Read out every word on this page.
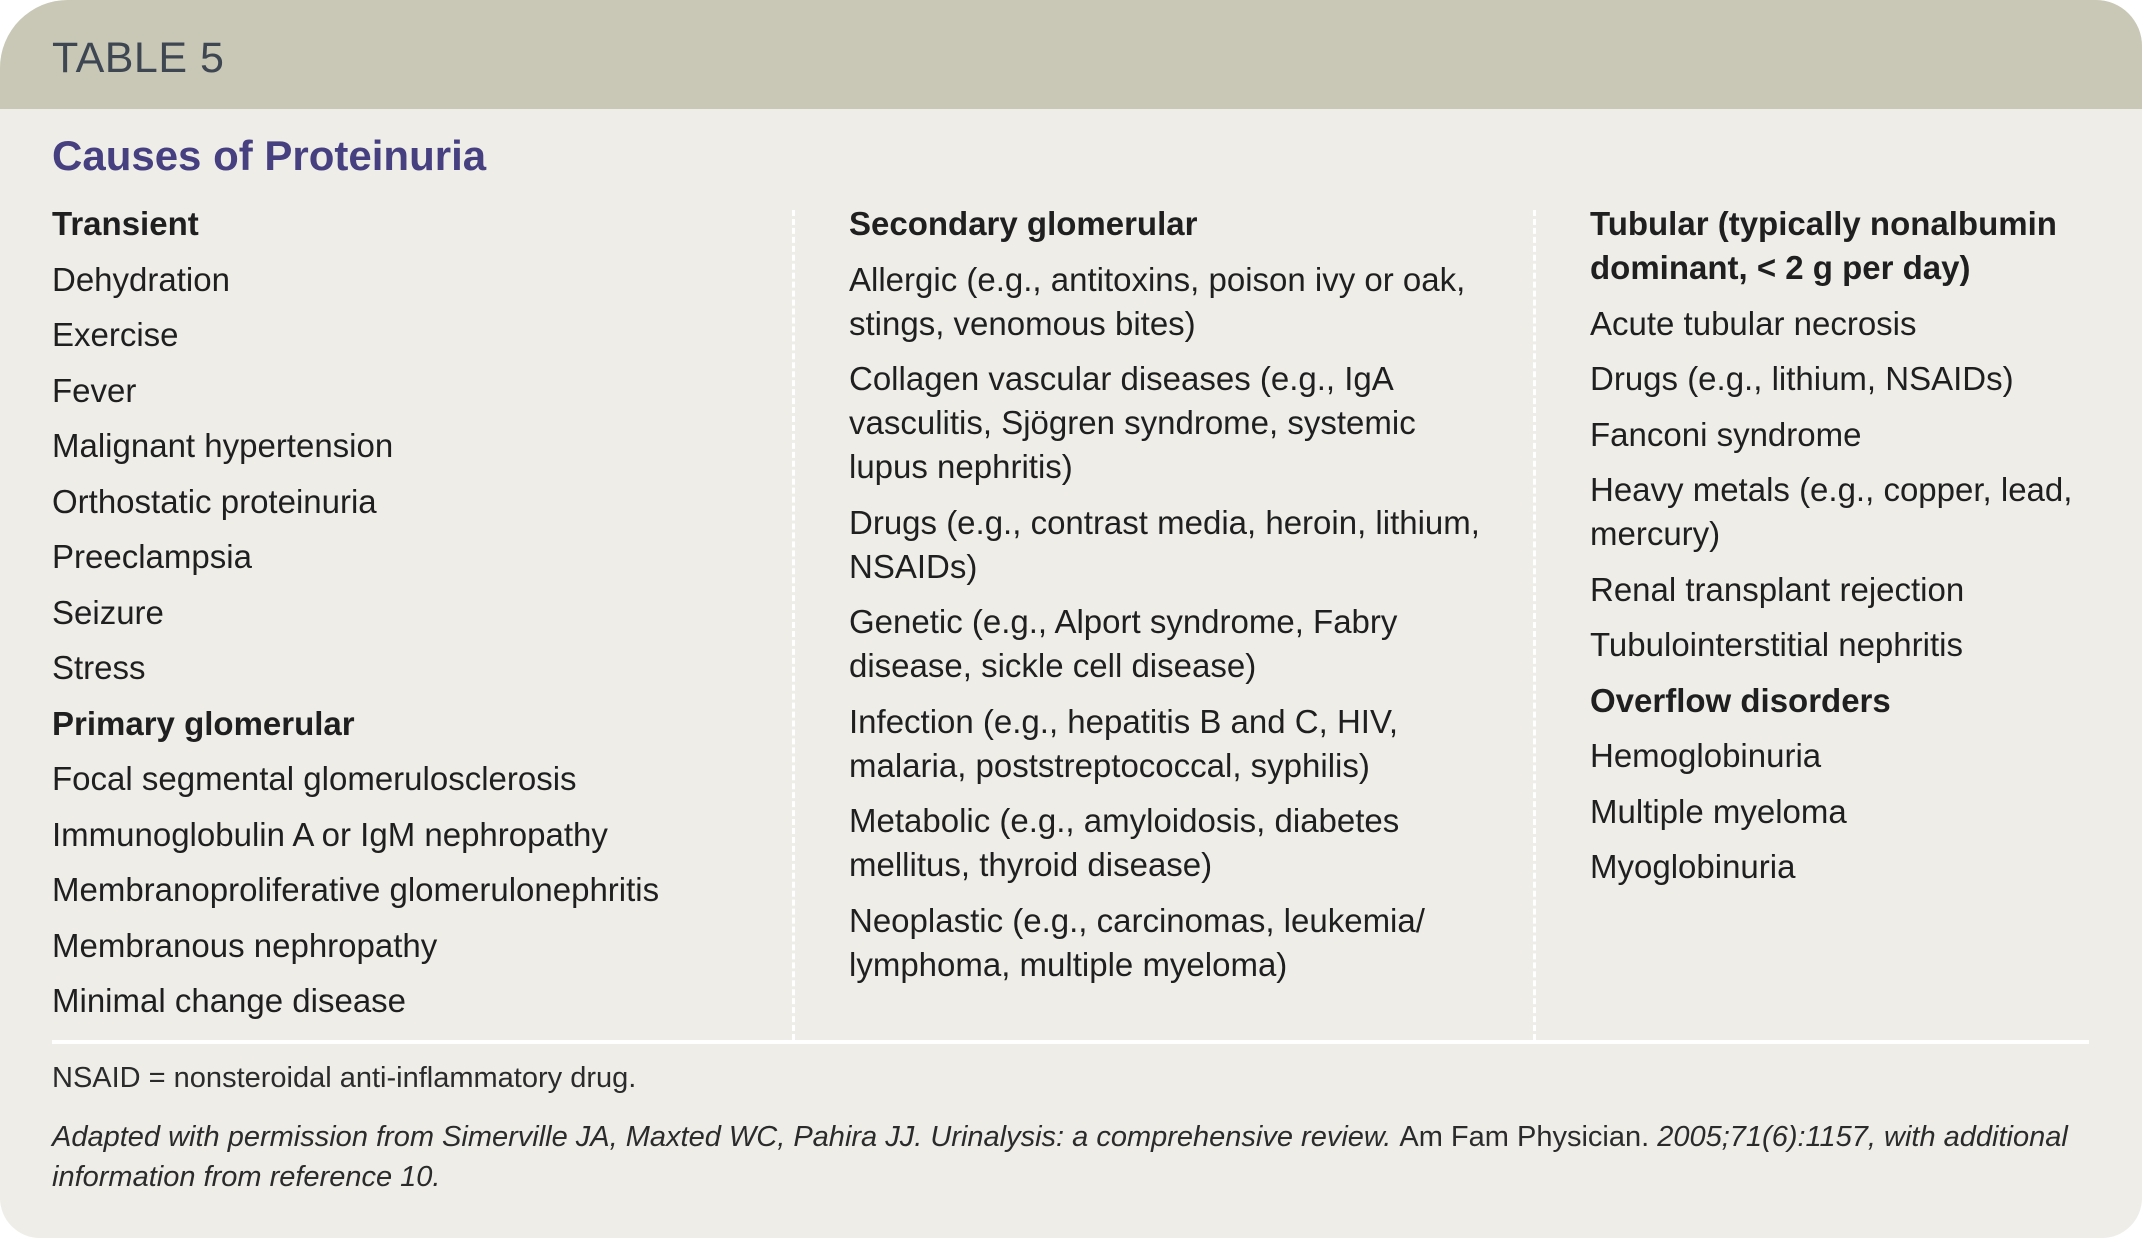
TABLE 5
Causes of Proteinuria
Transient
Dehydration
Exercise
Fever
Malignant hypertension
Orthostatic proteinuria
Preeclampsia
Seizure
Stress
Primary glomerular
Focal segmental glomerulosclerosis
Immunoglobulin A or IgM nephropathy
Membranoproliferative glomerulonephritis
Membranous nephropathy
Minimal change disease
Secondary glomerular
Allergic (e.g., antitoxins, poison ivy or oak, stings, venomous bites)
Collagen vascular diseases (e.g., IgA vasculitis, Sjögren syndrome, systemic lupus nephritis)
Drugs (e.g., contrast media, heroin, lithium, NSAIDs)
Genetic (e.g., Alport syndrome, Fabry disease, sickle cell disease)
Infection (e.g., hepatitis B and C, HIV, malaria, poststreptococcal, syphilis)
Metabolic (e.g., amyloidosis, diabetes mellitus, thyroid disease)
Neoplastic (e.g., carcinomas, leukemia/ lymphoma, multiple myeloma)
Tubular (typically nonalbumin dominant, < 2 g per day)
Acute tubular necrosis
Drugs (e.g., lithium, NSAIDs)
Fanconi syndrome
Heavy metals (e.g., copper, lead, mercury)
Renal transplant rejection
Tubulointerstitial nephritis
Overflow disorders
Hemoglobinuria
Multiple myeloma
Myoglobinuria
NSAID = nonsteroidal anti-inflammatory drug.
Adapted with permission from Simerville JA, Maxted WC, Pahira JJ. Urinalysis: a comprehensive review. Am Fam Physician. 2005;71(6):1157, with additional information from reference 10.
